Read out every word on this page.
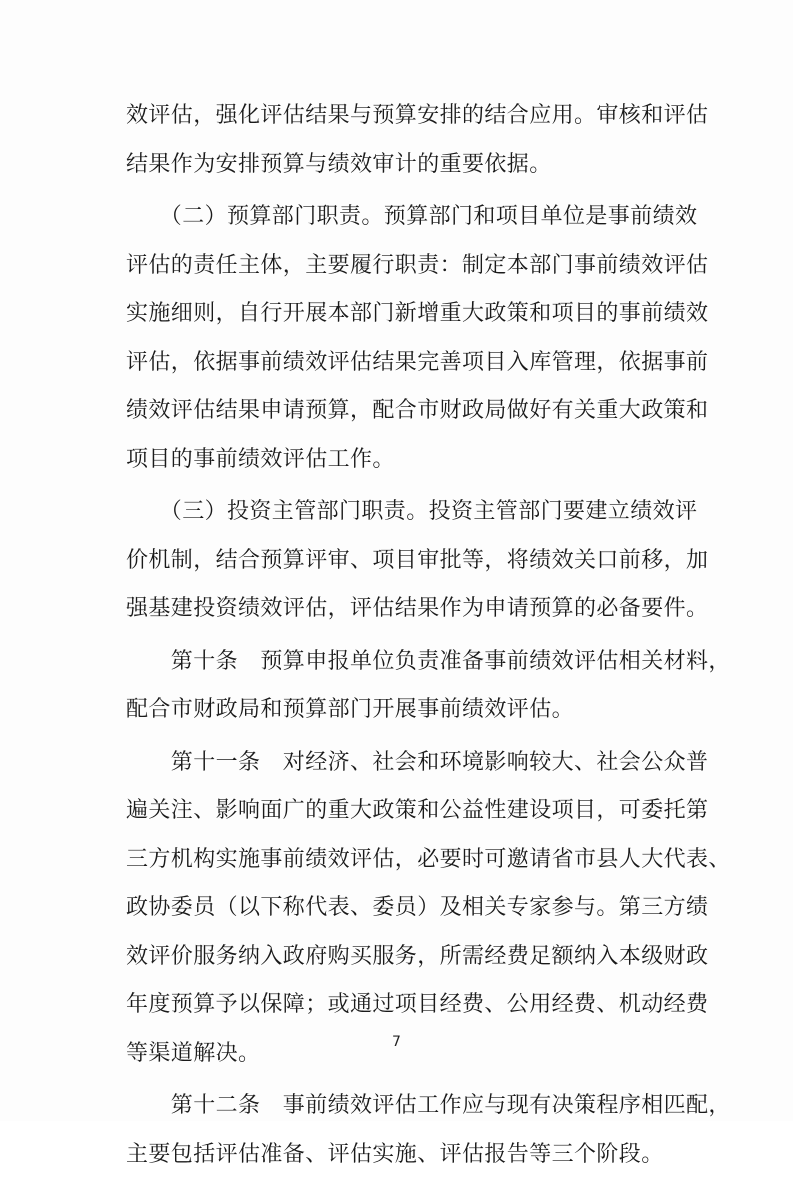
效评估，强化评估结果与预算安排的结合应用。审核和评估
结果作为安排预算与绩效审计的重要依据。
　　（二）预算部门职责。预算部门和项目单位是事前绩效
评估的责任主体，主要履行职责：制定本部门事前绩效评估
实施细则，自行开展本部门新增重大政策和项目的事前绩效
评估，依据事前绩效评估结果完善项目入库管理，依据事前
绩效评估结果申请预算，配合市财政局做好有关重大政策和
项目的事前绩效评估工作。
　　（三）投资主管部门职责。投资主管部门要建立绩效评
价机制，结合预算评审、项目审批等，将绩效关口前移，加
强基建投资绩效评估，评估结果作为申请预算的必备要件。
　　第十条　预算申报单位负责准备事前绩效评估相关材料，
配合市财政局和预算部门开展事前绩效评估。
　　第十一条　对经济、社会和环境影响较大、社会公众普
遍关注、影响面广的重大政策和公益性建设项目，可委托第
三方机构实施事前绩效评估，必要时可邀请省市县人大代表、
政协委员（以下称代表、委员）及相关专家参与。第三方绩
效评价服务纳入政府购买服务，所需经费足额纳入本级财政
年度预算予以保障；或通过项目经费、公用经费、机动经费
等渠道解决。
　　第十二条　事前绩效评估工作应与现有决策程序相匹配，
主要包括评估准备、评估实施、评估报告等三个阶段。
7
